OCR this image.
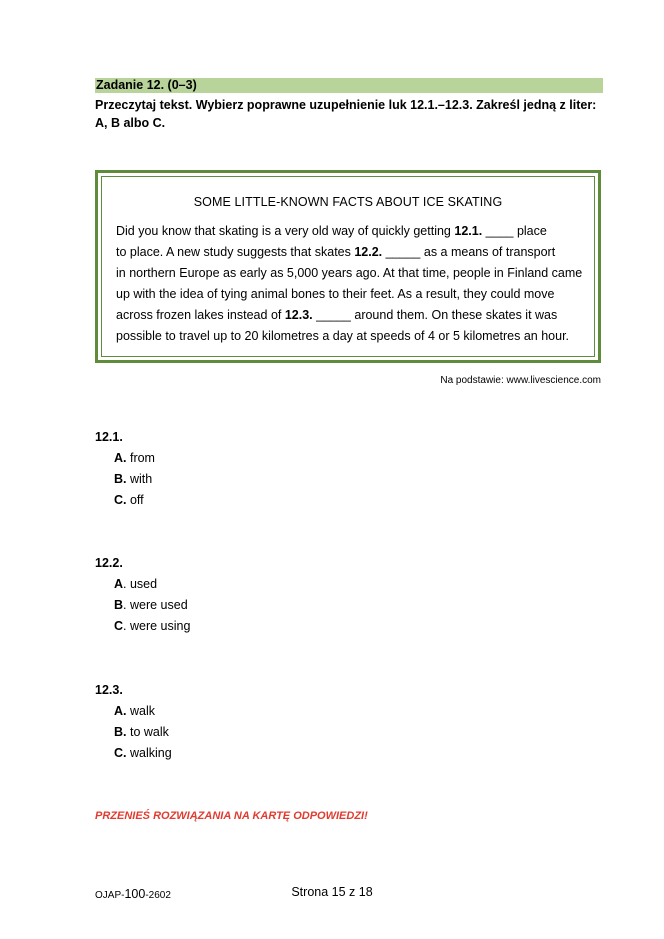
Zadanie 12. (0–3)
Przeczytaj tekst. Wybierz poprawne uzupełnienie luk 12.1.–12.3. Zakreśl jedną z liter: A, B albo C.
SOME LITTLE-KNOWN FACTS ABOUT ICE SKATING
Did you know that skating is a very old way of quickly getting 12.1. ____ place
to place. A new study suggests that skates 12.2. _____ as a means of transport
in northern Europe as early as 5,000 years ago. At that time, people in Finland came
up with the idea of tying animal bones to their feet. As a result, they could move
across frozen lakes instead of 12.3. _____ around them. On these skates it was
possible to travel up to 20 kilometres a day at speeds of 4 or 5 kilometres an hour.
Na podstawie: www.livescience.com
12.1.
A. from
B. with
C. off
12.2.
A. used
B. were used
C. were using
12.3.
A. walk
B. to walk
C. walking
PRZENIEŚ ROZWIĄZANIA NA KARTĘ ODPOWIEDZI!
OJAP-100-2602	Strona 15 z 18
